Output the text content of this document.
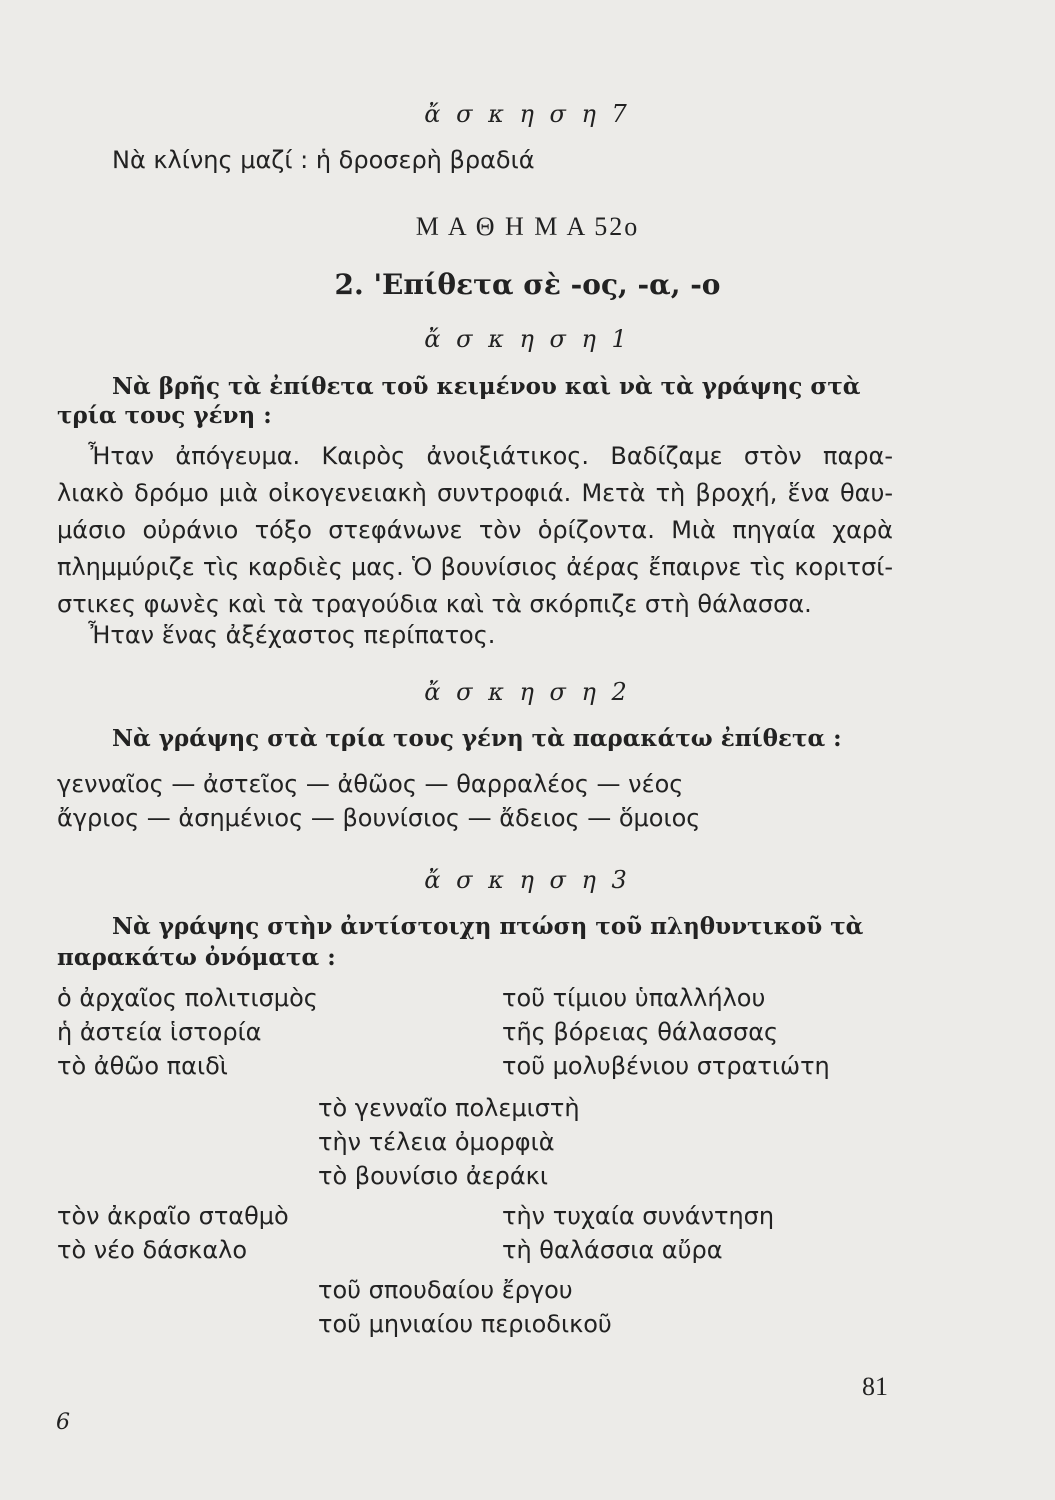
ἄ σ κ η σ η 7
Νὰ κλίνης μαζί : ἡ δροσερὴ βραδιά
Μ Α Θ Η Μ Α 52ο
2. 'Επίθετα σὲ -ος, -α, -ο
ἄ σ κ η σ η 1
Νὰ βρῆς τὰ ἐπίθετα τοῦ κειμένου καὶ νὰ τὰ γράψης στὰ
τρία τους γένη :
Ἦταν ἀπόγευμα. Καιρὸς ἀνοιξιάτικος. Βαδίζαμε στὸν παρα-
λιακὸ δρόμο μιὰ οἰκογενειακὴ συντροφιά. Μετὰ τὴ βροχή, ἕνα θαυ-
μάσιο οὐράνιο τόξο στεφάνωνε τὸν ὁρίζοντα. Μιὰ πηγαία χαρὰ
πλημμύριζε τὶς καρδιὲς μας. Ὁ βουνίσιος ἀέρας ἔπαιρνε τὶς κοριτσί-
στικες φωνὲς καὶ τὰ τραγούδια καὶ τὰ σκόρπιζε στὴ θάλασσα.
Ἦταν ἕνας ἀξέχαστος περίπατος.
ἄ σ κ η σ η 2
Νὰ γράψης στὰ τρία τους γένη τὰ παρακάτω ἐπίθετα :
γενναῖος — ἀστεῖος — ἀθῶος — θαρραλέος — νέος
ἄγριος — ἀσημένιος — βουνίσιος — ἄδειος — ὅμοιος
ἄ σ κ η σ η 3
Νὰ γράψης στὴν ἀντίστοιχη πτώση τοῦ πληθυντικοῦ τὰ
παρακάτω ὀνόματα :
ὁ ἀρχαῖος πολιτισμὸς
ἡ ἀστεία ἱστορία
τὸ ἀθῶο παιδὶ
τοῦ τίμιου ὑπαλλήλου
τῆς βόρειας θάλασσας
τοῦ μολυβένιου στρατιώτη
τὸ γενναῖο πολεμιστὴ
τὴν τέλεια ὀμορφιὰ
τὸ βουνίσιο ἀεράκι
τὸν ἀκραῖο σταθμὸ
τὸ νέο δάσκαλο
τὴν τυχαία συνάντηση
τὴ θαλάσσια αὔρα
τοῦ σπουδαίου ἔργου
τοῦ μηνιαίου περιοδικοῦ
81
6
